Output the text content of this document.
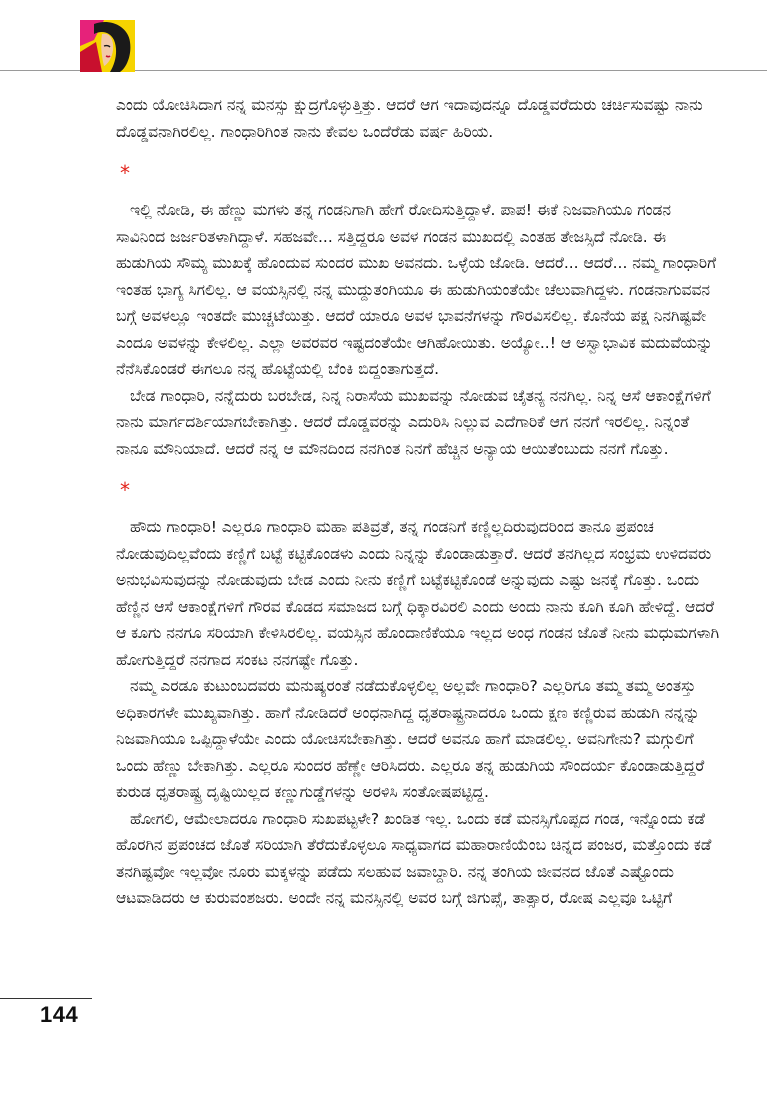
ಎಂದು ಯೋಚಿಸಿದಾಗ ನನ್ನ ಮನಸ್ಸು ಕ್ಷುದ್ರಗೊಳ್ಳುತ್ತಿತ್ತು. ಆದರೆ ಆಗ ಇದಾವುದನ್ನೂ ದೊಡ್ಡವರೆದುರು ಚರ್ಚಿಸುವಷ್ಟು ನಾನು ದೊಡ್ಡವನಾಗಿರಲಿಲ್ಲ. ಗಾಂಧಾರಿಗಿಂತ ನಾನು ಕೇವಲ ಒಂದೆರೆಡು ವರ್ಷ ಹಿರಿಯ.

*

ಇಲ್ಲಿ ನೋಡಿ, ಈ ಹೆಣ್ಣು ಮಗಳು ತನ್ನ ಗಂಡನಿಗಾಗಿ ಹೇಗೆ ರೋದಿಸುತ್ತಿದ್ದಾಳೆ. ಪಾಪ! ಈಕೆ ನಿಜವಾಗಿಯೂ ಗಂಡನ ಸಾವಿನಿಂದ ಜರ್ಜರಿತಳಾಗಿದ್ದಾಳೆ. ಸಹಜವೇ... ಸತ್ತಿದ್ದರೂ ಅವಳ ಗಂಡನ ಮುಖದಲ್ಲಿ ಎಂತಹ ತೇಜಸ್ಸಿದೆ ನೋಡಿ. ಈ ಹುಡುಗಿಯ ಸೌಮ್ಯ ಮುಖಕ್ಕೆ ಹೊಂದುವ ಸುಂದರ ಮುಖ ಅವನದು. ಒಳ್ಳೆಯ ಜೋಡಿ. ಆದರೆ... ಆದರೆ... ನಮ್ಮ ಗಾಂಧಾರಿಗೆ ಇಂತಹ ಭಾಗ್ಯ ಸಿಗಲಿಲ್ಲ. ಆ ವಯಸ್ಸಿನಲ್ಲಿ ನನ್ನ ಮುದ್ದುತಂಗಿಯೂ ಈ ಹುಡುಗಿಯಂತೆಯೇ ಚೆಲುವಾಗಿದ್ದಳು. ಗಂಡನಾಗುವವನ ಬಗ್ಗೆ ಅವಳಲ್ಲೂ ಇಂತದೇ ಮುಚ್ಚಟೆಯಿತ್ತು. ಆದರೆ ಯಾರೂ ಅವಳ ಭಾವನೆಗಳನ್ನು ಗೌರವಿಸಲಿಲ್ಲ. ಕೊನೆಯ ಪಕ್ಷ ನಿನಗಿಷ್ಟವೇ ಎಂದೂ ಅವಳನ್ನು ಕೇಳಲಿಲ್ಲ. ಎಲ್ಲಾ ಅವರವರ ಇಷ್ಟದಂತೆಯೇ ಆಗಿಹೋಯಿತು. ಅಯ್ಯೋ..! ಆ ಅಸ್ವಾಭಾವಿಕ ಮದುವೆಯನ್ನು ನೆನೆಸಿಕೊಂಡರೆ ಈಗಲೂ ನನ್ನ ಹೊಟ್ಟೆಯಲ್ಲಿ ಬೆಂಕಿ ಬಿದ್ದಂತಾಗುತ್ತದೆ.

ಬೇಡ ಗಾಂಧಾರಿ, ನನ್ನೆದುರು ಬರಬೇಡ, ನಿನ್ನ ನಿರಾಸೆಯ ಮುಖವನ್ನು ನೋಡುವ ಚೈತನ್ಯ ನನಗಿಲ್ಲ. ನಿನ್ನ ಆಸೆ ಆಕಾಂಕ್ಷೆಗಳಿಗೆ ನಾನು ಮಾರ್ಗದರ್ಶಿಯಾಗಬೇಕಾಗಿತ್ತು. ಆದರೆ ದೊಡ್ಡವರನ್ನು ಎದುರಿಸಿ ನಿಲ್ಲುವ ಎದೆಗಾರಿಕೆ ಆಗ ನನಗೆ ಇರಲಿಲ್ಲ. ನಿನ್ನಂತೆ ನಾನೂ ಮೌನಿಯಾದೆ. ಆದರೆ ನನ್ನ ಆ ಮೌನದಿಂದ ನನಗಿಂತ ನಿನಗೆ ಹೆಚ್ಚಿನ ಅನ್ಯಾಯ ಆಯಿತೆಂಬುದು ನನಗೆ ಗೊತ್ತು.

*

ಹೌದು ಗಾಂಧಾರಿ! ಎಲ್ಲರೂ ಗಾಂಧಾರಿ ಮಹಾ ಪತಿವ್ರತೆ, ತನ್ನ ಗಂಡನಿಗೆ ಕಣ್ಣಿಲ್ಲದಿರುವುದರಿಂದ ತಾನೂ ಪ್ರಪಂಚ ನೋಡುವುದಿಲ್ಲವೆಂದು ಕಣ್ಣಿಗೆ ಬಟ್ಟೆ ಕಟ್ಟಿಕೊಂಡಳು ಎಂದು ನಿನ್ನನ್ನು ಕೊಂಡಾಡುತ್ತಾರೆ. ಆದರೆ ತನಗಿಲ್ಲದ ಸಂಭ್ರಮ ಉಳಿದವರು ಅನುಭವಿಸುವುದನ್ನು ನೋಡುವುದು ಬೇಡ ಎಂದು ನೀನು ಕಣ್ಣಿಗೆ ಬಟ್ಟೆಕಟ್ಟಿಕೊಂಡೆ ಅನ್ನುವುದು ಎಷ್ಟು ಜನಕ್ಕೆ ಗೊತ್ತು. ಒಂದು ಹೆಣ್ಣಿನ ಆಸೆ ಆಕಾಂಕ್ಷೆಗಳಿಗೆ ಗೌರವ ಕೊಡದ ಸಮಾಜದ ಬಗ್ಗೆ ಧಿಕ್ಕಾರವಿರಲಿ ಎಂದು ಅಂದು ನಾನು ಕೂಗಿ ಕೂಗಿ ಹೇಳಿದ್ದೆ. ಆದರೆ ಆ ಕೂಗು ನನಗೂ ಸರಿಯಾಗಿ ಕೇಳಿಸಿರಲಿಲ್ಲ. ವಯಸ್ಸಿನ ಹೊಂದಾಣಿಕೆಯೂ ಇಲ್ಲದ ಅಂಧ ಗಂಡನ ಜೊತೆ ನೀನು ಮಧುಮಗಳಾಗಿ ಹೋಗುತ್ತಿದ್ದರೆ ನನಗಾದ ಸಂಕಟ ನನಗಷ್ಟೇ ಗೊತ್ತು.

ನಮ್ಮ ಎರಡೂ ಕುಟುಂಬದವರು ಮನುಷ್ಯರಂತೆ ನಡೆದುಕೊಳ್ಳಲಿಲ್ಲ ಅಲ್ಲವೇ ಗಾಂಧಾರಿ? ಎಲ್ಲರಿಗೂ ತಮ್ಮ ತಮ್ಮ ಅಂತಸ್ತು ಅಧಿಕಾರಗಳೇ ಮುಖ್ಯವಾಗಿತ್ತು. ಹಾಗೆ ನೋಡಿದರೆ ಅಂಧನಾಗಿದ್ದ ಧೃತರಾಷ್ಟ್ರನಾದರೂ ಒಂದು ಕ್ಷಣ ಕಣ್ಣಿರುವ ಹುಡುಗಿ ನನ್ನನ್ನು ನಿಜವಾಗಿಯೂ ಒಪ್ಪಿದ್ದಾಳೆಯೇ ಎಂದು ಯೋಚಿಸಬೇಕಾಗಿತ್ತು. ಆದರೆ ಅವನೂ ಹಾಗೆ ಮಾಡಲಿಲ್ಲ. ಅವನಿಗೇನು? ಮಗ್ಗುಲಿಗೆ ಒಂದು ಹೆಣ್ಣು ಬೇಕಾಗಿತ್ತು. ಎಲ್ಲರೂ ಸುಂದರ ಹೆಣ್ಣೇ ಆರಿಸಿದರು. ಎಲ್ಲರೂ ತನ್ನ ಹುಡುಗಿಯ ಸೌಂದರ್ಯ ಕೊಂಡಾಡುತ್ತಿದ್ದರೆ ಕುರುಡ ಧೃತರಾಷ್ಟ್ರ ದೃಷ್ಟಿಯಿಲ್ಲದ ಕಣ್ಣುಗುಡ್ಡೆಗಳನ್ನು ಅರಳಿಸಿ ಸಂತೋಷಪಟ್ಟಿದ್ದ.

ಹೋಗಲಿ, ಆಮೇಲಾದರೂ ಗಾಂಧಾರಿ ಸುಖಪಟ್ಟಳೇ? ಖಂಡಿತ ಇಲ್ಲ. ಒಂದು ಕಡೆ ಮನಸ್ಸಿಗೊಪ್ಪದ ಗಂಡ, ಇನ್ನೊಂದು ಕಡೆ ಹೊರಗಿನ ಪ್ರಪಂಚದ ಜೊತೆ ಸರಿಯಾಗಿ ತೆರೆದುಕೊಳ್ಳಲೂ ಸಾಧ್ಯವಾಗದ ಮಹಾರಾಣಿಯೆಂಬ ಚಿನ್ನದ ಪಂಜರ, ಮತ್ತೊಂದು ಕಡೆ ತನಗಿಷ್ಟವೋ ಇಲ್ಲವೋ ನೂರು ಮಕ್ಕಳನ್ನು ಪಡೆದು ಸಲಹುವ ಜವಾಬ್ದಾರಿ. ನನ್ನ ತಂಗಿಯ ಜೀವನದ ಜೊತೆ ಎಷ್ಟೊಂದು ಆಟವಾಡಿದರು ಆ ಕುರುವಂಶಜರು. ಅಂದೇ ನನ್ನ ಮನಸ್ಸಿನಲ್ಲಿ ಅವರ ಬಗ್ಗೆ ಜಿಗುಪ್ಸೆ, ತಾತ್ಸಾರ, ರೋಷ ಎಲ್ಲವೂ ಒಟ್ಟಿಗೆ

144
